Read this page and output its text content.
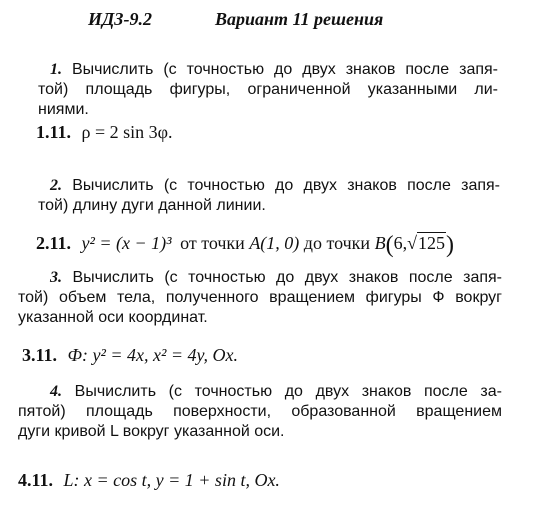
ИДЗ-9.2	Вариант 11 решения
1. Вычислить (с точностью до двух знаков после запя-
той) площадь фигуры, ограниченной указанными ли-
ниями.
1.11. ρ = 2 sin 3φ.
2. Вычислить (с точностью до двух знаков после запя-
той) длину дуги данной линии.
2.11. y² = (x − 1)³ от точки A(1, 0) до точки B(6,√125)
3. Вычислить (с точностью до двух знаков после запя-
той) объем тела, полученного вращением фигуры Ф вокруг
указанной оси координат.
3.11. Ф: y² = 4x, x² = 4y, Ox.
4. Вычислить (с точностью до двух знаков после за-
пятой) площадь поверхности, образованной вращением
дуги кривой L вокруг указанной оси.
4.11. L: x = cos t, y = 1 + sin t, Ox.
